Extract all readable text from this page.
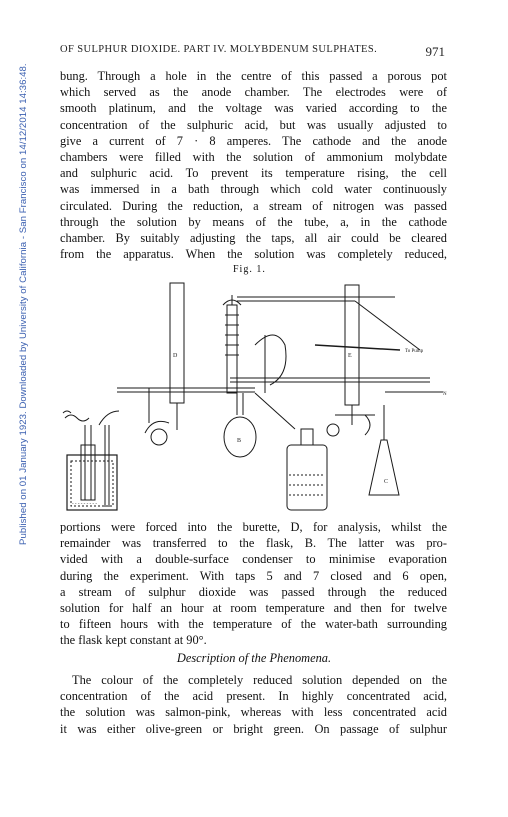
Published on 01 January 1923. Downloaded by University of California - San Francisco on 14/12/2014 14:36:48.
OF SULPHUR DIOXIDE. PART IV. MOLYBDENUM SULPHATES.	971
bung. Through a hole in the centre of this passed a porous pot
which served as the anode chamber. The electrodes were of
smooth platinum, and the voltage was varied according to the
concentration of the sulphuric acid, but was usually adjusted to
give a current of 7 · 8 amperes. The cathode and the anode
chambers were filled with the solution of ammonium molybdate
and sulphuric acid. To prevent its temperature rising, the cell
was immersed in a bath through which cold water continuously
circulated. During the reduction, a stream of nitrogen was passed
through the solution by means of the tube, a, in the cathode
chamber. By suitably adjusting the taps, all air could be cleared
from the apparatus. When the solution was completely reduced,
Fig. 1.
- - - - - - - - -
D
B
To Pump
E
C
N
portions were forced into the burette, D, for analysis, whilst the
remainder was transferred to the flask, B. The latter was pro-
vided with a double-surface condenser to minimise evaporation
during the experiment. With taps 5 and 7 closed and 6 open,
a stream of sulphur dioxide was passed through the reduced
solution for half an hour at room temperature and then for twelve
to fifteen hours with the temperature of the water-bath surrounding
the flask kept constant at 90°.
Description of the Phenomena.
The colour of the completely reduced solution depended on the
concentration of the acid present. In highly concentrated acid,
the solution was salmon-pink, whereas with less concentrated acid
it was either olive-green or bright green. On passage of sulphur
